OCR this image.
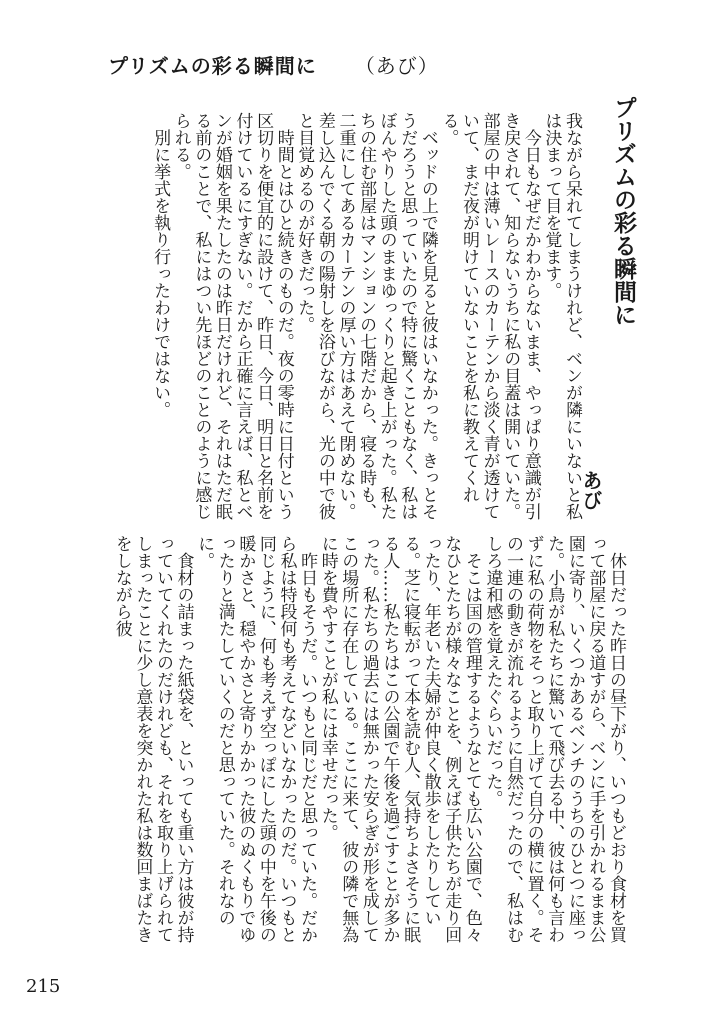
プリズムの彩る瞬間に （あび）
プリズムの彩る瞬間に
あび

我ながら呆れてしまうけれど、ベンが隣にいないと私は決まって目を覚ます。

今日もなぜだかわからないまま、やっぱり意識が引き戻されて、知らないうちに私の目蓋は開いていた。部屋の中は薄いレースのカーテンから淡く青が透けていて、まだ夜が明けていないことを私に教えてくれる。

ベッドの上で隣を見ると彼はいなかった。きっとそうだろうと思っていたので特に驚くこともなく、私はぼんやりした頭のままゆっくりと起き上がった。私たちの住む部屋はマンションの七階だから、寝る時も、二重にしてあるカーテンの厚い方はあえて閉めない。差し込んでくる朝の陽射しを浴びながら、光の中で彼と目覚めるのが好きだった。

時間とはひと続きのものだ。夜の零時に日付という区切りを便宜的に設けて、昨日、今日、明日と名前を付けているにすぎない。だから正確に言えば、私とベンが婚姻を果たしたのは昨日だけれど、それはただ眠る前のことで、私にはつい先ほどのことのように感じられる。

別に挙式を執り行ったわけではない。

休日だった昨日の昼下がり、いつもどおり食材を買って部屋に戻る道すがら、ベンに手を引かれるまま公園に寄り、いくつかあるベンチのうちのひとつに座った。小鳥が私たちに驚いて飛び去る中、彼は何も言わずに私の荷物をそっと取り上げて自分の横に置く。その一連の動きが流れるように自然だったので、私はむしろ違和感を覚えたぐらいだった。

そこは国の管理するようなとても広い公園で、色々なひとたちが様々なことを、例えば子供たちが走り回ったり、年老いた夫婦が仲良く散歩をしたりしている。芝に寝転がって本を読む人、気持ちよさそうに眠る人……私たちはこの公園で午後を過ごすことが多かった。私たちの過去には無かった安らぎが形を成してこの場所に存在している。ここに来て、彼の隣で無為に時を費やすことが私には幸せだった。

昨日もそうだ。いつもと同じだと思っていた。だから私は特段何も考えてなどいなかったのだ。いつもと同じように、何も考えず空っぽにした頭の中を午後の暖かさと、穏やかさと寄りかかった彼のぬくもりでゆったりと満たしていくのだと思っていた。それなのに。

食材の詰まった紙袋を、といっても重い方は彼が持っていてくれたのだけれども、それを取り上げられてしまったことに少し意表を突かれた私は数回まばたきをしながら彼

215
